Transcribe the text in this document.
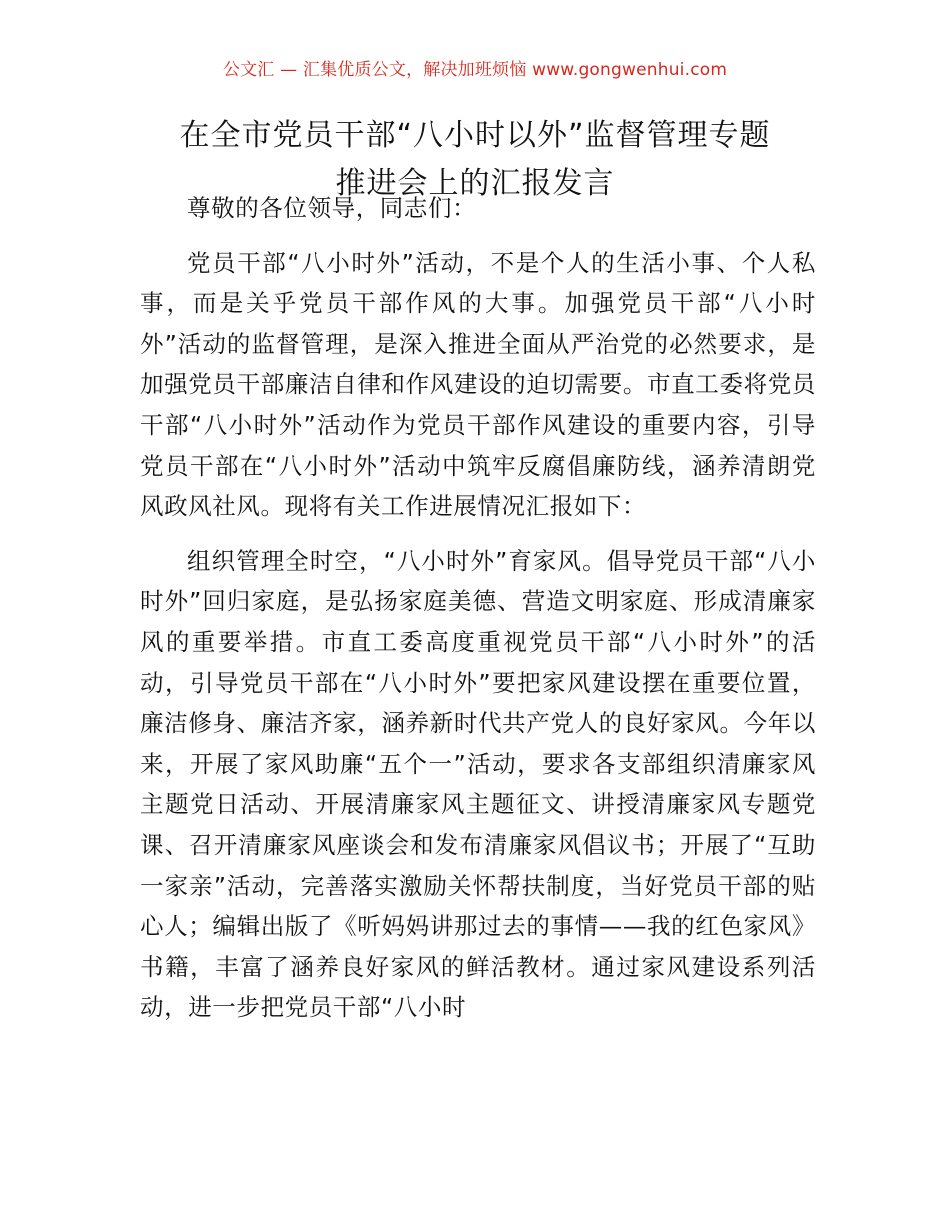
公文汇 — 汇集优质公文，解决加班烦恼 www.gongwenhui.com
在全市党员干部“八小时以外”监督管理专题
推进会上的汇报发言

尊敬的各位领导，同志们：

党员干部“八小时外”活动，不是个人的生活小事、个人私事，而是关乎党员干部作风的大事。加强党员干部“八小时外”活动的监督管理，是深入推进全面从严治党的必然要求，是加强党员干部廉洁自律和作风建设的迫切需要。市直工委将党员干部“八小时外”活动作为党员干部作风建设的重要内容，引导党员干部在“八小时外”活动中筑牢反腐倡廉防线，涵养清朗党风政风社风。现将有关工作进展情况汇报如下：

组织管理全时空，“八小时外”育家风。倡导党员干部“八小时外”回归家庭，是弘扬家庭美德、营造文明家庭、形成清廉家风的重要举措。市直工委高度重视党员干部“八小时外”的活动，引导党员干部在“八小时外”要把家风建设摆在重要位置，廉洁修身、廉洁齐家，涵养新时代共产党人的良好家风。今年以来，开展了家风助廉“五个一”活动，要求各支部组织清廉家风主题党日活动、开展清廉家风主题征文、讲授清廉家风专题党课、召开清廉家风座谈会和发布清廉家风倡议书；开展了“互助一家亲”活动，完善落实激励关怀帮扶制度，当好党员干部的贴心人；编辑出版了《听妈妈讲那过去的事情——我的红色家风》书籍，丰富了涵养良好家风的鲜活教材。通过家风建设系列活动，进一步把党员干部“八小时
